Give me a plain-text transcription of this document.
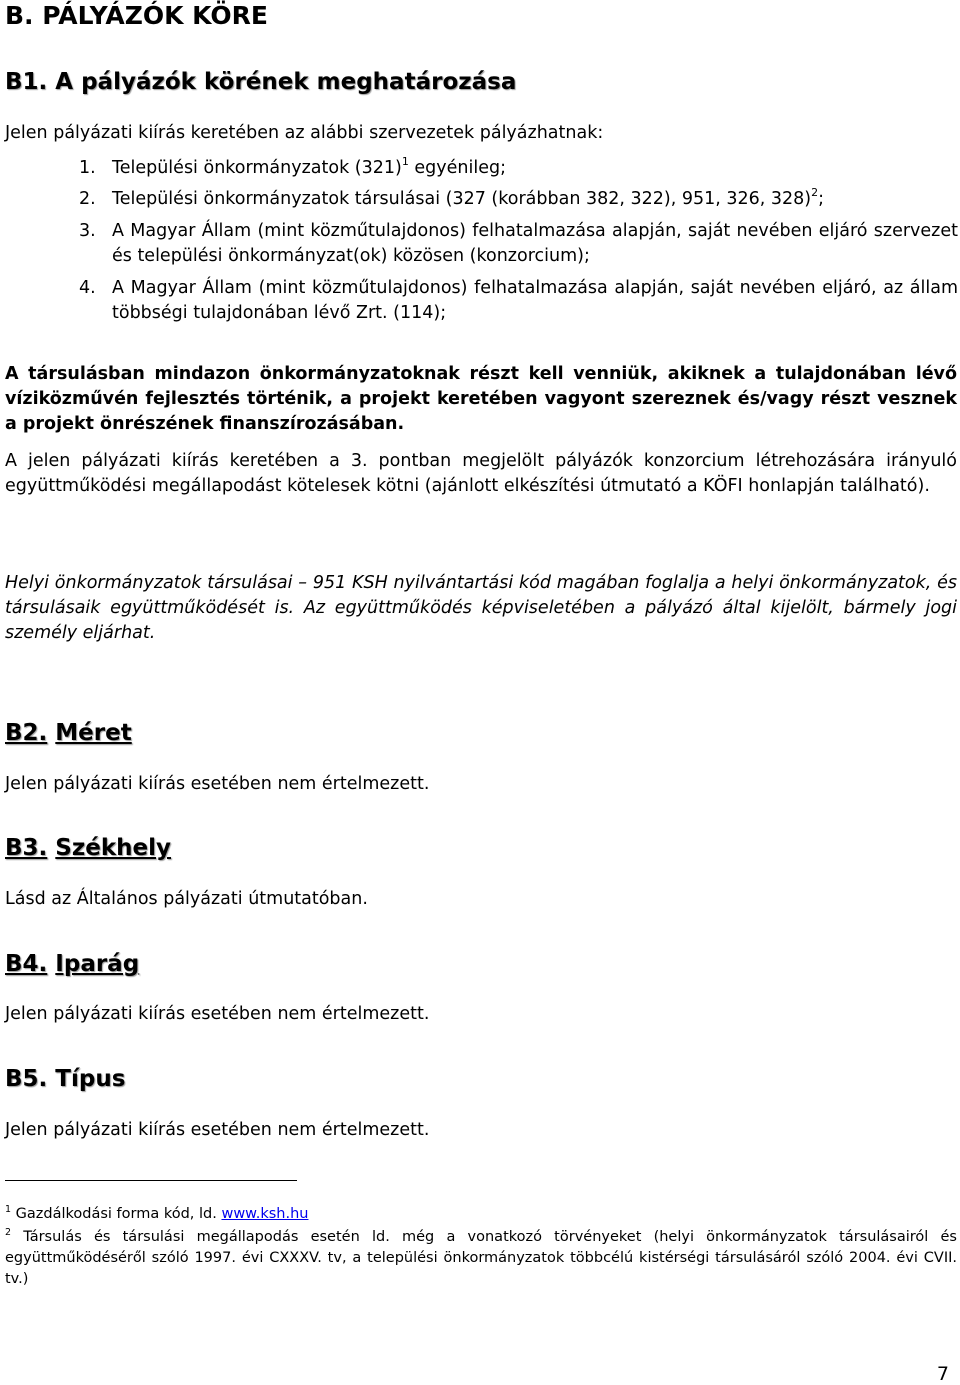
B. PÁLYÁZÓK KÖRE
B1. A pályázók körének meghatározása
Jelen pályázati kiírás keretében az alábbi szervezetek pályázhatnak:
1. Települési önkormányzatok $(321)^1$ egyénileg;
2. Települési önkormányzatok társulásai (327 (korábban 382, 322), 951, 326, 328)$^2$;
3. A Magyar Állam (mint közműtulajdonos) felhatalmazása alapján, saját nevében eljáró szervezet és települési önkormányzat(ok) közösen (konzorcium);
4. A Magyar Állam (mint közműtulajdonos) felhatalmazása alapján, saját nevében eljáró, az állam többségi tulajdonában lévő Zrt. (114);
A társulásban mindazon önkormányzatoknak részt kell venniük, akiknek a tulajdonában lévő víziközművén fejlesztés történik, a projekt keretében vagyont szereznek és/vagy részt vesznek a projekt önrészének finanszírozásában.
A jelen pályázati kiírás keretében a 3. pontban megjelölt pályázók konzorcium létrehozására irányuló együttműködési megállapodást kötelesek kötni (ajánlott elkészítési útmutató a KÖFI honlapján található).
Helyi önkormányzatok társulásai – 951 KSH nyilvántartási kód magában foglalja a helyi önkormányzatok, és társulásaik együttműködését is. Az együttműködés képviseletében a pályázó által kijelölt, bármely jogi személy eljárhat.
B2. Méret
Jelen pályázati kiírás esetében nem értelmezett.
B3. Székhely
Lásd az Általános pályázati útmutatóban.
B4. Iparág
Jelen pályázati kiírás esetében nem értelmezett.
B5. Típus
Jelen pályázati kiírás esetében nem értelmezett.
$^1$ Gazdálkodási forma kód, ld. www.ksh.hu
$^2$ Társulás és társulási megállapodás esetén ld. még a vonatkozó törvényeket (helyi önkormányzatok társulásairól és együttműködéséről szóló 1997. évi CXXXV. tv, a települési önkormányzatok többcélú kistérségi társulásáról szóló 2004. évi CVII. tv.)
7
